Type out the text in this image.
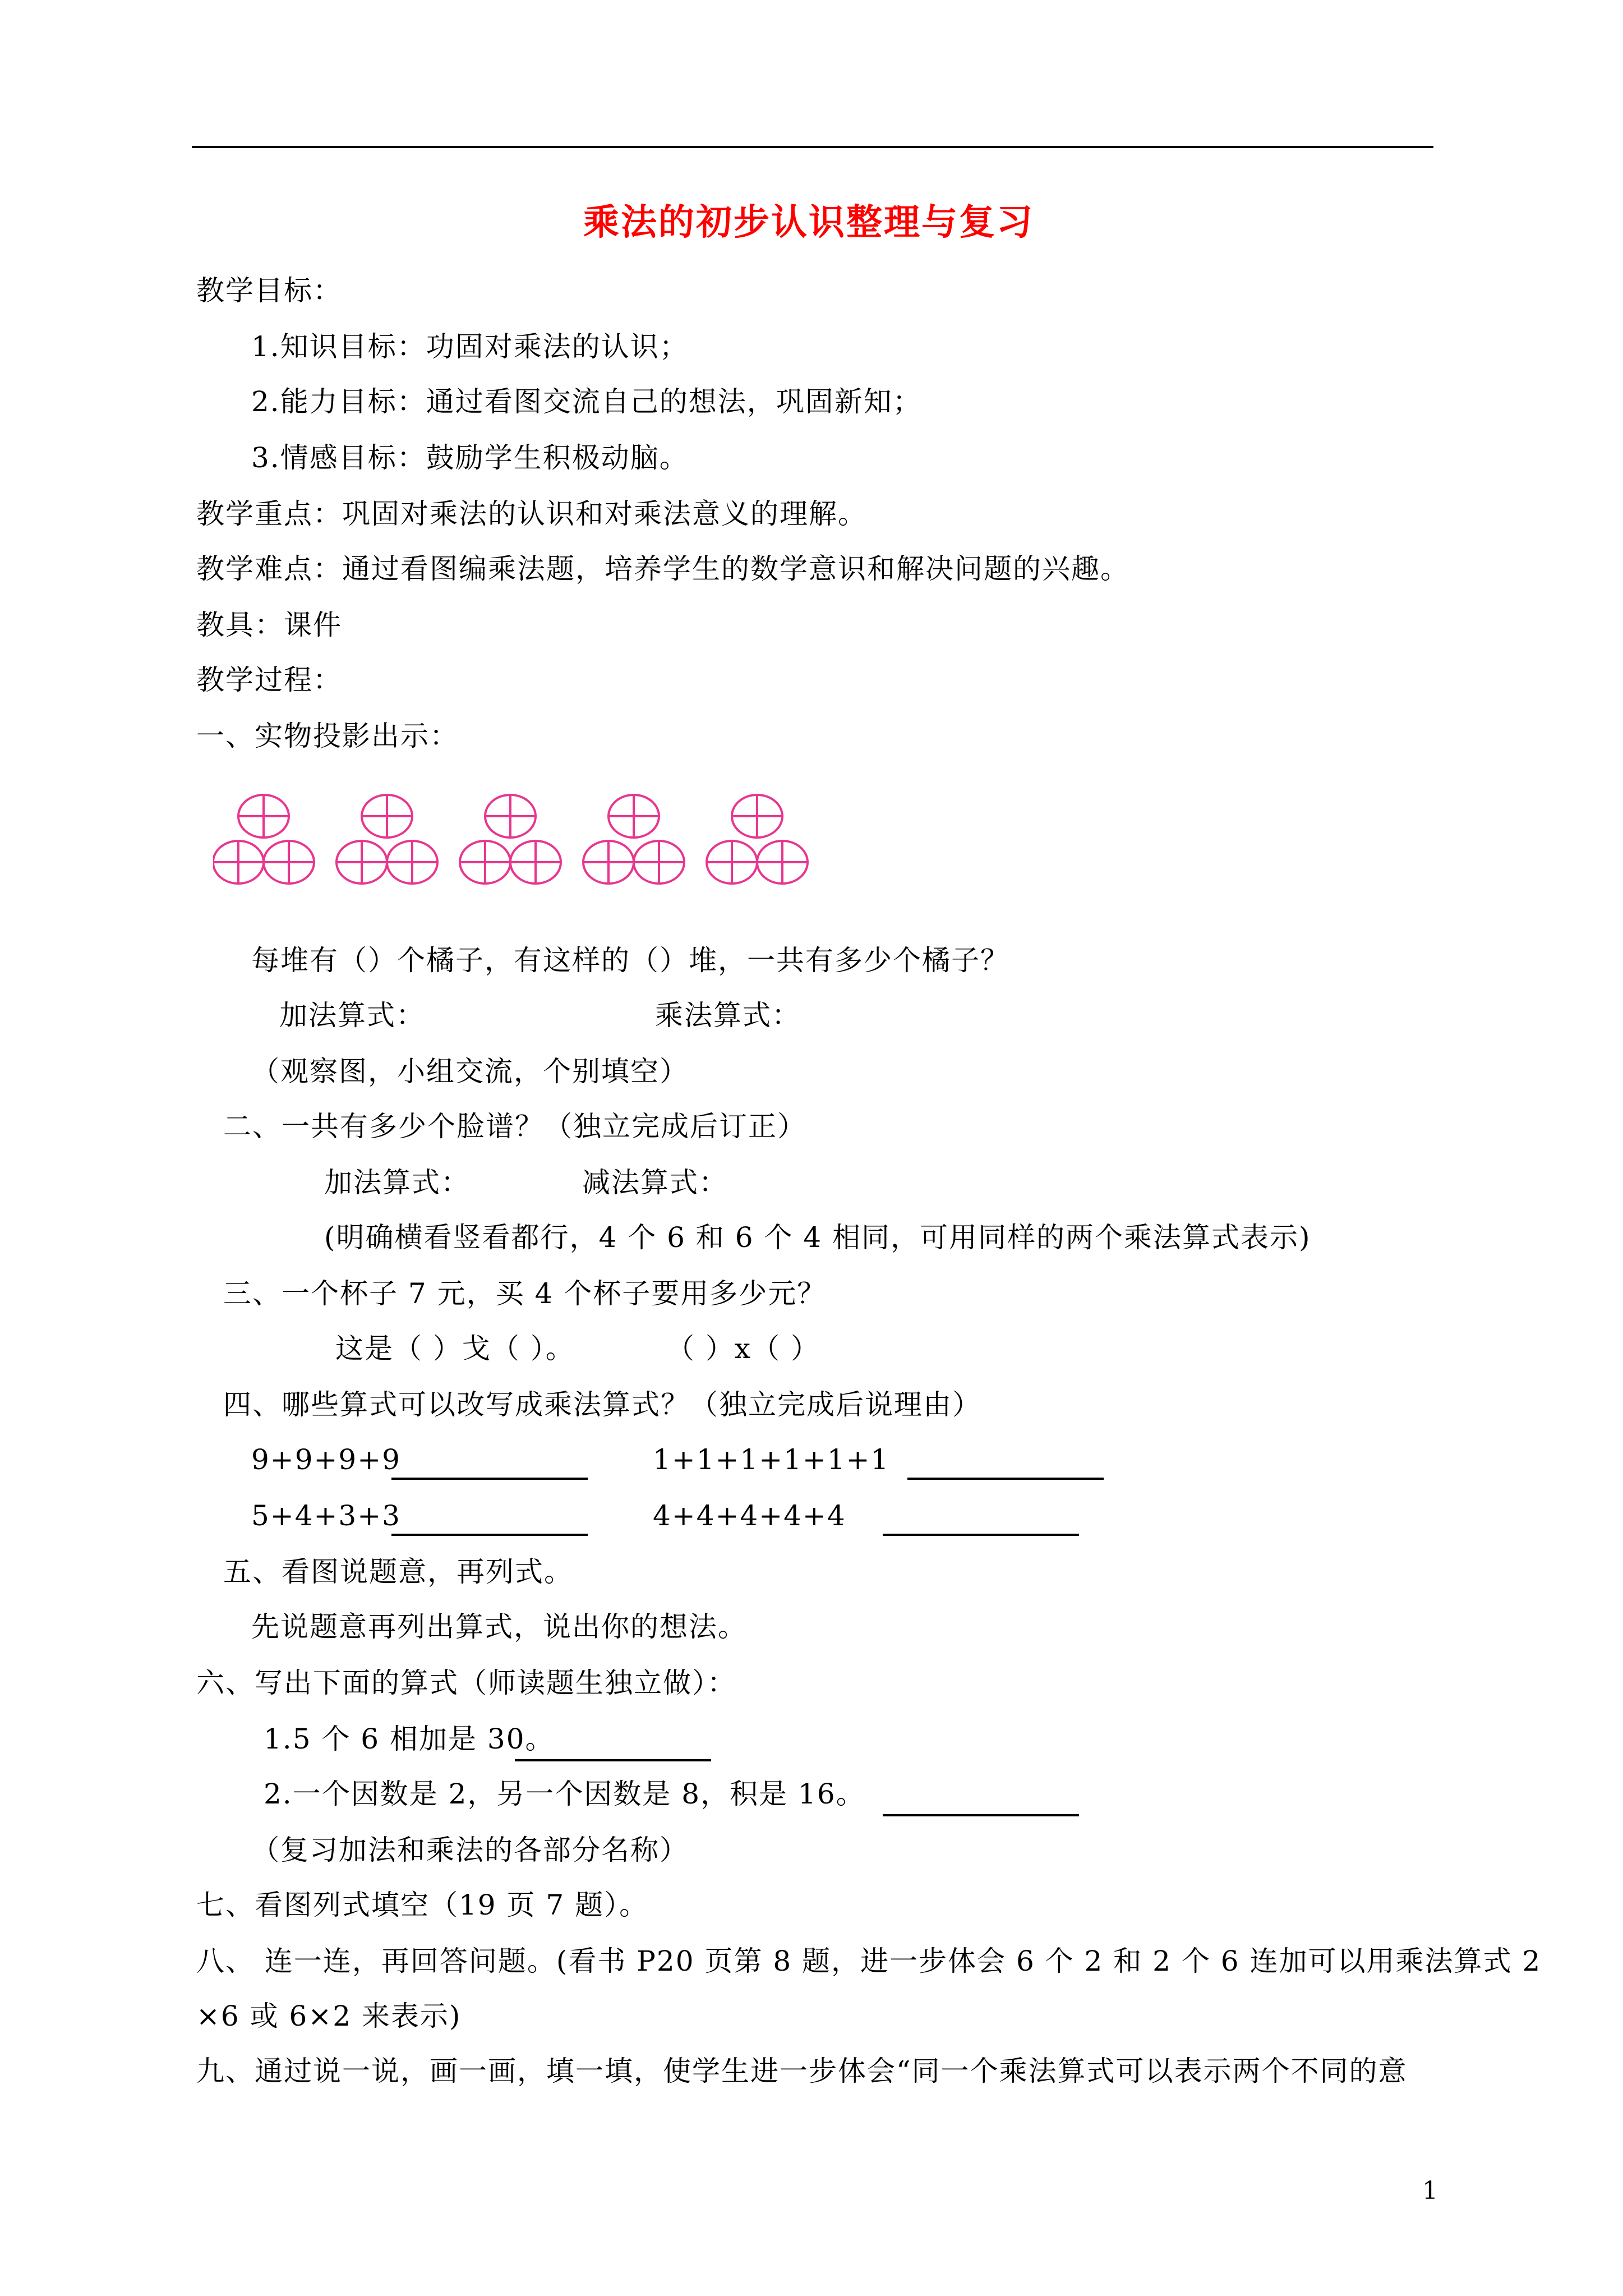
乘法的初步认识整理与复习
教学目标：
1.知识目标：功固对乘法的认识；
2.能力目标：通过看图交流自己的想法，巩固新知；
3.情感目标：鼓励学生积极动脑。
教学重点：巩固对乘法的认识和对乘法意义的理解。
教学难点：通过看图编乘法题，培养学生的数学意识和解决问题的兴趣。
教具：课件
教学过程：
一、实物投影出示：
每堆有（）个橘子，有这样的（）堆，一共有多少个橘子？
加法算式：	乘法算式：
（观察图，小组交流，个别填空）
二、一共有多少个脸谱？（独立完成后订正）
加法算式：	减法算式：
(明确横看竖看都行，4 个 6 和 6 个 4 相同，可用同样的两个乘法算式表示)
三、一个杯子 7 元，买 4 个杯子要用多少元？
这是（ ）戈（ ）。	（ ）x（ ）
四、哪些算式可以改写成乘法算式？（独立完成后说理由）
9+9+9+9	1+1+1+1+1+1
5+4+3+3	4+4+4+4+4
五、看图说题意，再列式。
先说题意再列出算式，说出你的想法。
六、写出下面的算式（师读题生独立做）：
1.5 个 6 相加是 30。
2.一个因数是 2，另一个因数是 8，积是 16。
（复习加法和乘法的各部分名称）
七、看图列式填空（19 页 7 题）。
八、 连一连，再回答问题。(看书 P20 页第 8 题，进一步体会 6 个 2 和 2 个 6 连加可以用乘法算式 2
×6 或 6×2 来表示)
九、通过说一说，画一画，填一填，使学生进一步体会“同一个乘法算式可以表示两个不同的意
1
